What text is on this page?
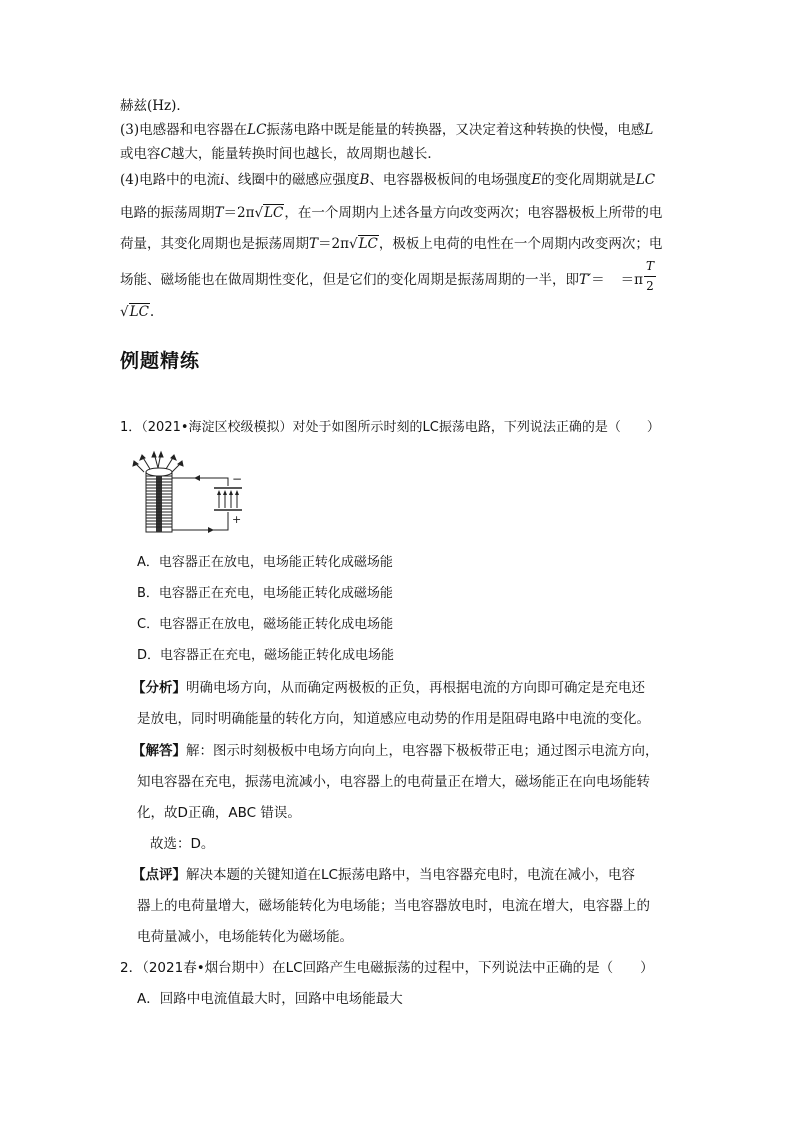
赫兹(Hz)．
(3)电感器和电容器在LC振荡电路中既是能量的转换器，又决定着这种转换的快慢，电感L
或电容C越大，能量转换时间也越长，故周期也越长．
(4)电路中的电流i、线圈中的磁感应强度B、电容器极板间的电场强度E的变化周期就是LC
电路的振荡周期T＝2π√LC，在一个周期内上述各量方向改变两次；电容器极板上所带的电
荷量，其变化周期也是振荡周期T＝2π√LC，极板上电荷的电性在一个周期内改变两次；电
场能、磁场能也在做周期性变化，但是它们的变化周期是振荡周期的一半，即T′＝ ＝π
T
2
√LC.
例题精练
1．（2021•海淀区校级模拟）对处于如图所示时刻的LC振荡电路，下列说法正确的是（　　）
−
+
A．电容器正在放电，电场能正转化成磁场能
B．电容器正在充电，电场能正转化成磁场能
C．电容器正在放电，磁场能正转化成电场能
D．电容器正在充电，磁场能正转化成电场能
【分析】明确电场方向，从而确定两极板的正负，再根据电流的方向即可确定是充电还
是放电，同时明确能量的转化方向，知道感应电动势的作用是阻碍电路中电流的变化。
【解答】解：图示时刻极板中电场方向向上，电容器下极板带正电；通过图示电流方向，
知电容器在充电，振荡电流减小，电容器上的电荷量正在增大，磁场能正在向电场能转
化，故D正确，ABC 错误。
故选：D。
【点评】解决本题的关键知道在LC振荡电路中，当电容器充电时，电流在减小，电容
器上的电荷量增大，磁场能转化为电场能；当电容器放电时，电流在增大，电容器上的
电荷量减小，电场能转化为磁场能。
2．（2021春•烟台期中）在LC回路产生电磁振荡的过程中，下列说法中正确的是（　　）
A．回路中电流值最大时，回路中电场能最大
